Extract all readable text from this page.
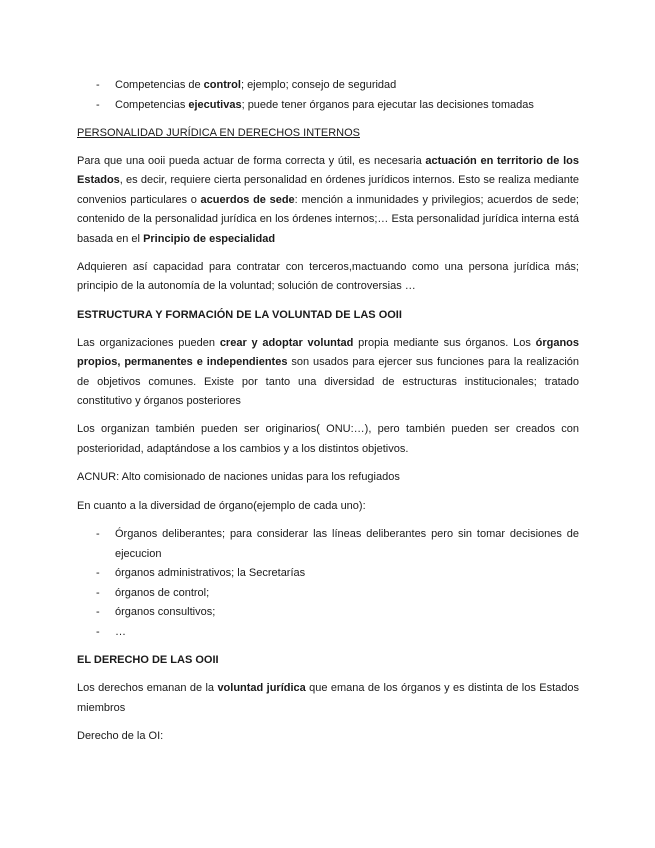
- Competencias de control; ejemplo; consejo de seguridad
- Competencias ejecutivas; puede tener órganos para ejecutar las decisiones tomadas

PERSONALIDAD JURÍDICA EN DERECHOS INTERNOS

Para que una ooii pueda actuar de forma correcta y útil, es necesaria actuación en territorio de los Estados, es decir, requiere cierta personalidad en órdenes jurídicos internos. Esto se realiza mediante convenios particulares o acuerdos de sede: mención a inmunidades y privilegios; acuerdos de sede; contenido de la personalidad jurídica en los órdenes internos;… Esta personalidad jurídica interna está basada en el Principio de especialidad

Adquieren así capacidad para contratar con terceros,mactuando como una persona jurídica más; principio de la autonomía de la voluntad; solución de controversias …

ESTRUCTURA Y FORMACIÓN DE LA VOLUNTAD DE LAS OOII

Las organizaciones pueden crear y adoptar voluntad propia mediante sus órganos. Los órganos propios, permanentes e independientes son usados para ejercer sus funciones para la realización de objetivos comunes. Existe por tanto una diversidad de estructuras institucionales; tratado constitutivo y órganos posteriores

Los organizan también pueden ser originarios( ONU:…), pero también pueden ser creados con posterioridad, adaptándose a los cambios y a los distintos objetivos.

ACNUR: Alto comisionado de naciones unidas para los refugiados

En cuanto a la diversidad de órgano(ejemplo de cada uno):

- Órganos deliberantes; para considerar las líneas deliberantes pero sin tomar decisiones de ejecucion
- órganos administrativos; la Secretarías
- órganos de control;
- órganos consultivos;
- …

EL DERECHO DE LAS OOII

Los derechos emanan de la voluntad jurídica que emana de los órganos y es distinta de los Estados miembros

Derecho de la OI:
